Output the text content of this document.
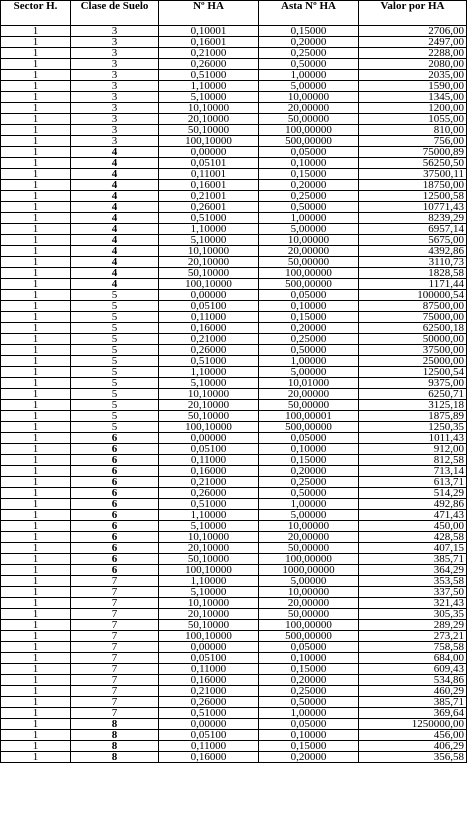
Sector H.	Clase de Suelo	Nº HA	Asta Nº HA	Valor por HA
1	3	0,10001	0,15000	2706,00
1	3	0,16001	0,20000	2497,00
1	3	0,21000	0,25000	2288,00
1	3	0,26000	0,50000	2080,00
1	3	0,51000	1,00000	2035,00
1	3	1,10000	5,00000	1590,00
1	3	5,10000	10,00000	1345,00
1	3	10,10000	20,00000	1200,00
1	3	20,10000	50,00000	1055,00
1	3	50,10000	100,00000	810,00
1	3	100,10000	500,00000	756,00
1	4	0,00000	0,05000	75000,89
1	4	0,05101	0,10000	56250,50
1	4	0,11001	0,15000	37500,11
1	4	0,16001	0,20000	18750,00
1	4	0,21001	0,25000	12500,58
1	4	0,26001	0,50000	10771,43
1	4	0,51000	1,00000	8239,29
1	4	1,10000	5,00000	6957,14
1	4	5,10000	10,00000	5675,00
1	4	10,10000	20,00000	4392,86
1	4	20,10000	50,00000	3110,73
1	4	50,10000	100,00000	1828,58
1	4	100,10000	500,00000	1171,44
1	5	0,00000	0,05000	100000,54
1	5	0,05100	0,10000	87500,00
1	5	0,11000	0,15000	75000,00
1	5	0,16000	0,20000	62500,18
1	5	0,21000	0,25000	50000,00
1	5	0,26000	0,50000	37500,00
1	5	0,51000	1,00000	25000,00
1	5	1,10000	5,00000	12500,54
1	5	5,10000	10,01000	9375,00
1	5	10,10000	20,00000	6250,71
1	5	20,10000	50,00000	3125,18
1	5	50,10000	100,00001	1875,89
1	5	100,10000	500,00000	1250,35
1	6	0,00000	0,05000	1011,43
1	6	0,05100	0,10000	912,00
1	6	0,11000	0,15000	812,58
1	6	0,16000	0,20000	713,14
1	6	0,21000	0,25000	613,71
1	6	0,26000	0,50000	514,29
1	6	0,51000	1,00000	492,86
1	6	1,10000	5,00000	471,43
1	6	5,10000	10,00000	450,00
1	6	10,10000	20,00000	428,58
1	6	20,10000	50,00000	407,15
1	6	50,10000	100,00000	385,71
1	6	100,10000	1000,00000	364,29
1	7	1,10000	5,00000	353,58
1	7	5,10000	10,00000	337,50
1	7	10,10000	20,00000	321,43
1	7	20,10000	50,00000	305,35
1	7	50,10000	100,00000	289,29
1	7	100,10000	500,00000	273,21
1	7	0,00000	0,05000	758,58
1	7	0,05100	0,10000	684,00
1	7	0,11000	0,15000	609,43
1	7	0,16000	0,20000	534,86
1	7	0,21000	0,25000	460,29
1	7	0,26000	0,50000	385,71
1	7	0,51000	1,00000	369,64
1	8	0,00000	0,05000	1250000,00
1	8	0,05100	0,10000	456,00
1	8	0,11000	0,15000	406,29
1	8	0,16000	0,20000	356,58
